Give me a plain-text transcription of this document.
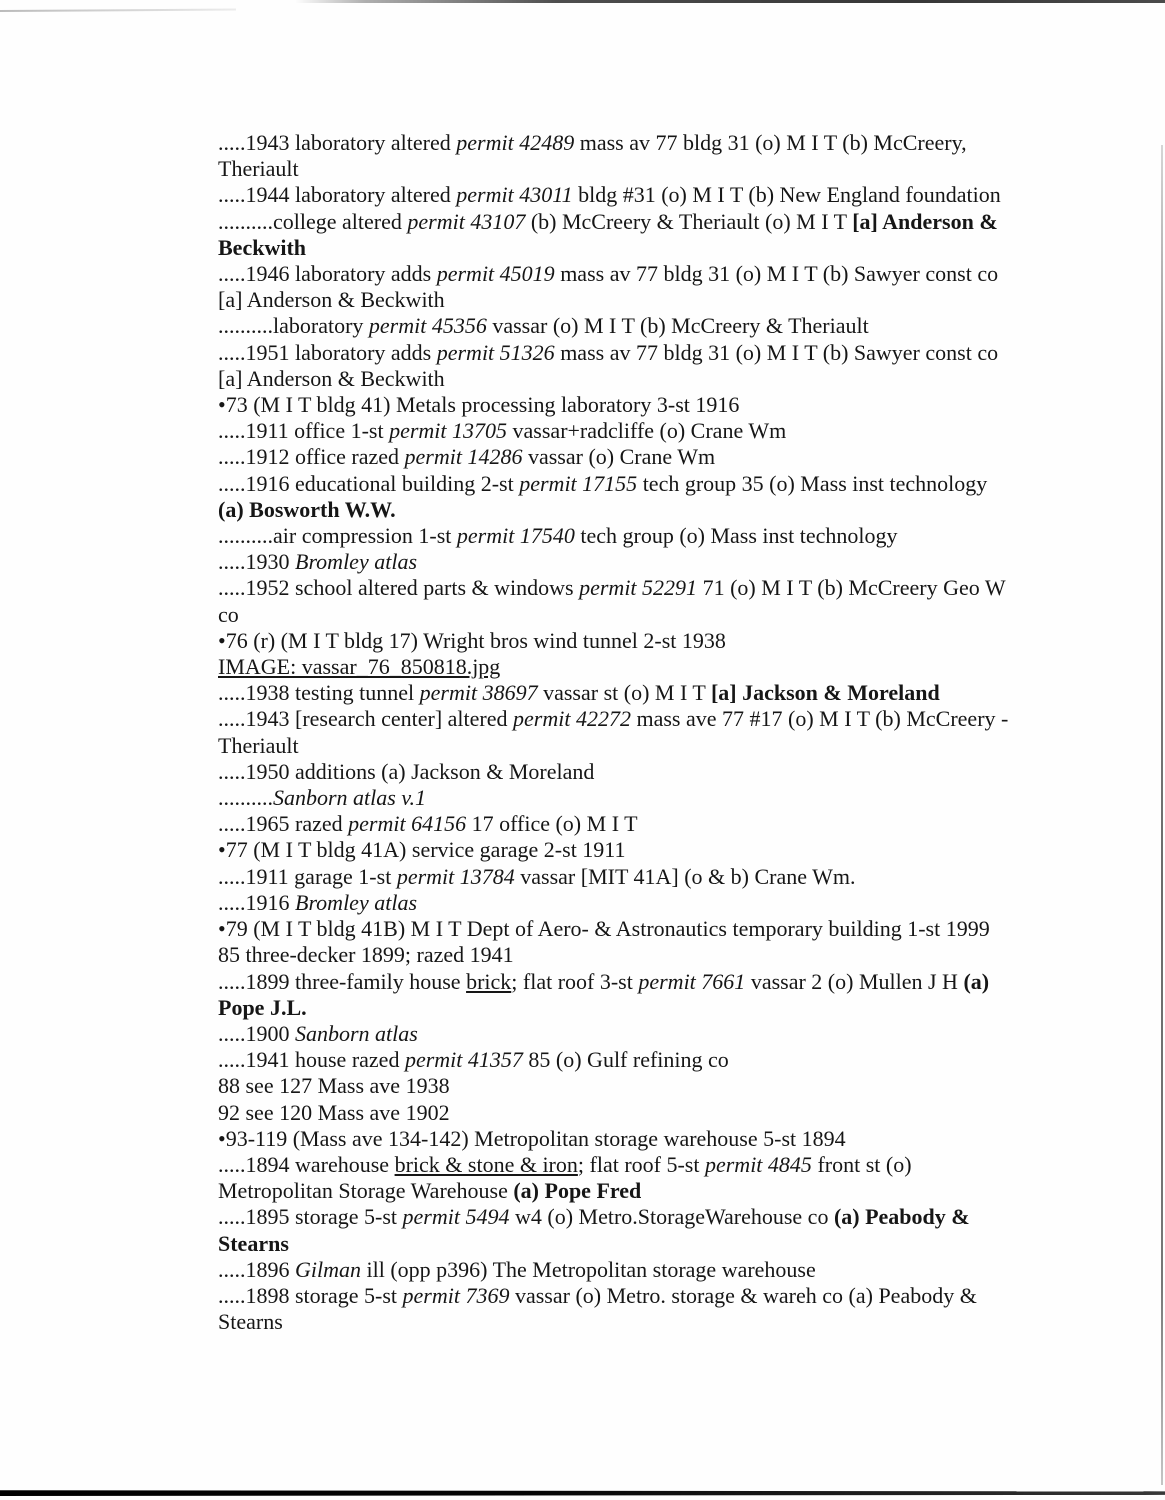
.....1943 laboratory altered permit 42489 mass av 77 bldg 31 (o) M I T (b) McCreery,
Theriault
.....1944 laboratory altered permit 43011 bldg #31 (o) M I T (b) New England foundation
..........college altered permit 43107 (b) McCreery & Theriault (o) M I T [a] Anderson &
Beckwith
.....1946 laboratory adds permit 45019 mass av 77 bldg 31 (o) M I T (b) Sawyer const co
[a] Anderson & Beckwith
..........laboratory permit 45356 vassar (o) M I T (b) McCreery & Theriault
.....1951 laboratory adds permit 51326 mass av 77 bldg 31 (o) M I T (b) Sawyer const co
[a] Anderson & Beckwith
•73 (M I T bldg 41) Metals processing laboratory 3-st 1916
.....1911 office 1-st permit 13705 vassar+radcliffe (o) Crane Wm
.....1912 office razed permit 14286 vassar (o) Crane Wm
.....1916 educational building 2-st permit 17155 tech group 35 (o) Mass inst technology
(a) Bosworth W.W.
..........air compression 1-st permit 17540 tech group (o) Mass inst technology
.....1930 Bromley atlas
.....1952 school altered parts & windows permit 52291 71 (o) M I T (b) McCreery Geo W
co
•76 (r) (M I T bldg 17) Wright bros wind tunnel 2-st 1938
IMAGE: vassar_76_850818.jpg
.....1938 testing tunnel permit 38697 vassar st (o) M I T [a] Jackson & Moreland
.....1943 [research center] altered permit 42272 mass ave 77 #17 (o) M I T (b) McCreery -
Theriault
.....1950 additions (a) Jackson & Moreland
..........Sanborn atlas v.1
.....1965 razed permit 64156 17 office (o) M I T
•77 (M I T bldg 41A) service garage 2-st 1911
.....1911 garage 1-st permit 13784 vassar [MIT 41A] (o & b) Crane Wm.
.....1916 Bromley atlas
•79 (M I T bldg 41B) M I T Dept of Aero- & Astronautics temporary building 1-st 1999
85 three-decker 1899; razed 1941
.....1899 three-family house brick; flat roof 3-st permit 7661 vassar 2 (o) Mullen J H (a)
Pope J.L.
.....1900 Sanborn atlas
.....1941 house razed permit 41357 85 (o) Gulf refining co
88 see 127 Mass ave 1938
92 see 120 Mass ave 1902
•93-119 (Mass ave 134-142) Metropolitan storage warehouse 5-st 1894
.....1894 warehouse brick & stone & iron; flat roof 5-st permit 4845 front st (o)
Metropolitan Storage Warehouse (a) Pope Fred
.....1895 storage 5-st permit 5494 w4 (o) Metro.StorageWarehouse co (a) Peabody &
Stearns
.....1896 Gilman ill (opp p396) The Metropolitan storage warehouse
.....1898 storage 5-st permit 7369 vassar (o) Metro. storage & wareh co (a) Peabody &
Stearns
